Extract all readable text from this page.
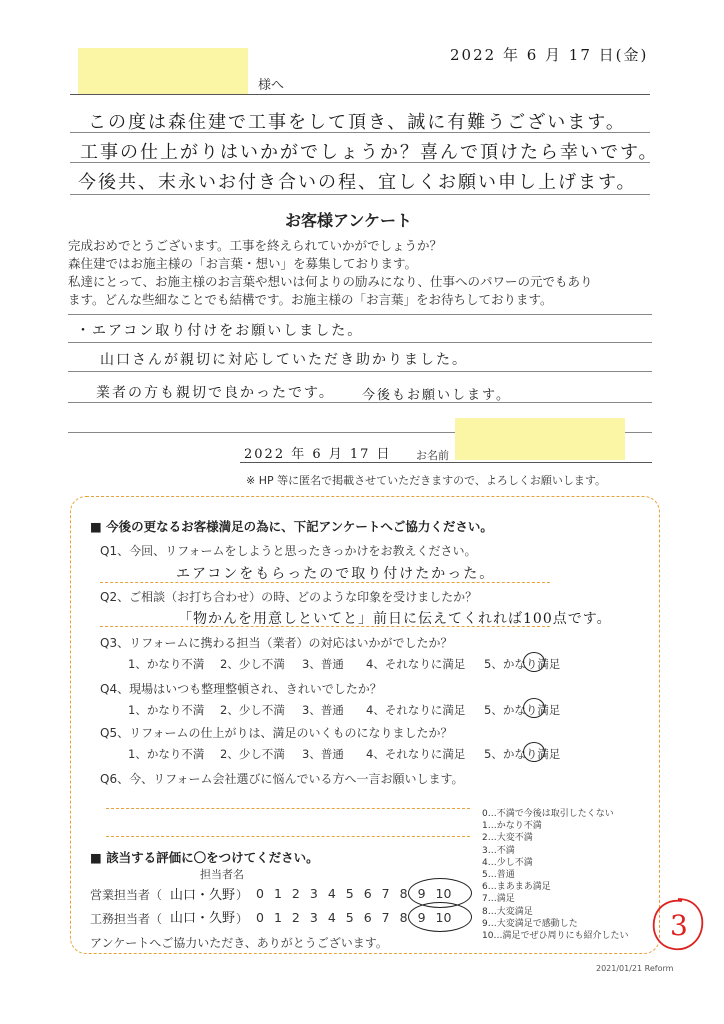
2022 年 6 月 17 日(金)
様へ
この度は森住建で工事をして頂き、誠に有難うございます。
工事の仕上がりはいかがでしょうか？喜んで頂けたら幸いです。
今後共、末永いお付き合いの程、宜しくお願い申し上げます。
お客様アンケート
完成おめでとうございます。工事を終えられていかがでしょうか？
森住建ではお施主様の「お言葉・想い」を募集しております。
私達にとって、お施主様のお言葉や想いは何よりの励みになり、仕事へのパワーの元でもあり
ます。どんな些細なことでも結構です。お施主様の「お言葉」をお待ちしております。
・エアコン取り付けをお願いしました。
山口さんが親切に対応していただき助かりました。
業者の方も親切で良かったです。 今後もお願いします。
2022 年 6 月 17 日 お名前
※ HP 等に匿名で掲載させていただきますので、よろしくお願いします。
■ 今後の更なるお客様満足の為に、下記アンケートへご協力ください。
Q1、今回、リフォームをしようと思ったきっかけをお教えください。
エアコンをもらったので取り付けたかった。
Q2、ご相談（お打ち合わせ）の時、どのような印象を受けましたか？
「物かんを用意しといてと」前日に伝えてくれれば100点です。
Q3、リフォームに携わる担当（業者）の対応はいかがでしたか？
1、かなり不満 2、少し不満 3、普通 4、それなりに満足 5、かなり満足
Q4、現場はいつも整理整頓され、きれいでしたか？
1、かなり不満 2、少し不満 3、普通 4、それなりに満足 5、かなり満足
Q5、リフォームの仕上がりは、満足のいくものになりましたか？
1、かなり不満 2、少し不満 3、普通 4、それなりに満足 5、かなり満足
Q6、今、リフォーム会社選びに悩んでいる方へ一言お願いします。
0…不満で今後は取引したくない
1…かなり不満
2…大変不満
3…不満
4…少し不満
5…普通
6…まあまあ満足
7…満足
8…大変満足
9…大変満足で感動した
10…満足でぜひ周りにも紹介したい
■ 該当する評価に〇をつけてください。
担当者名
営業担当者（ 山口・久野 ） 0 1 2 3 4 5 6 7 8 9 10
工務担当者（ 山口・久野 ） 0 1 2 3 4 5 6 7 8 9 10
アンケートへご協力いただき、ありがとうございます。
3
2021/01/21 Reform
